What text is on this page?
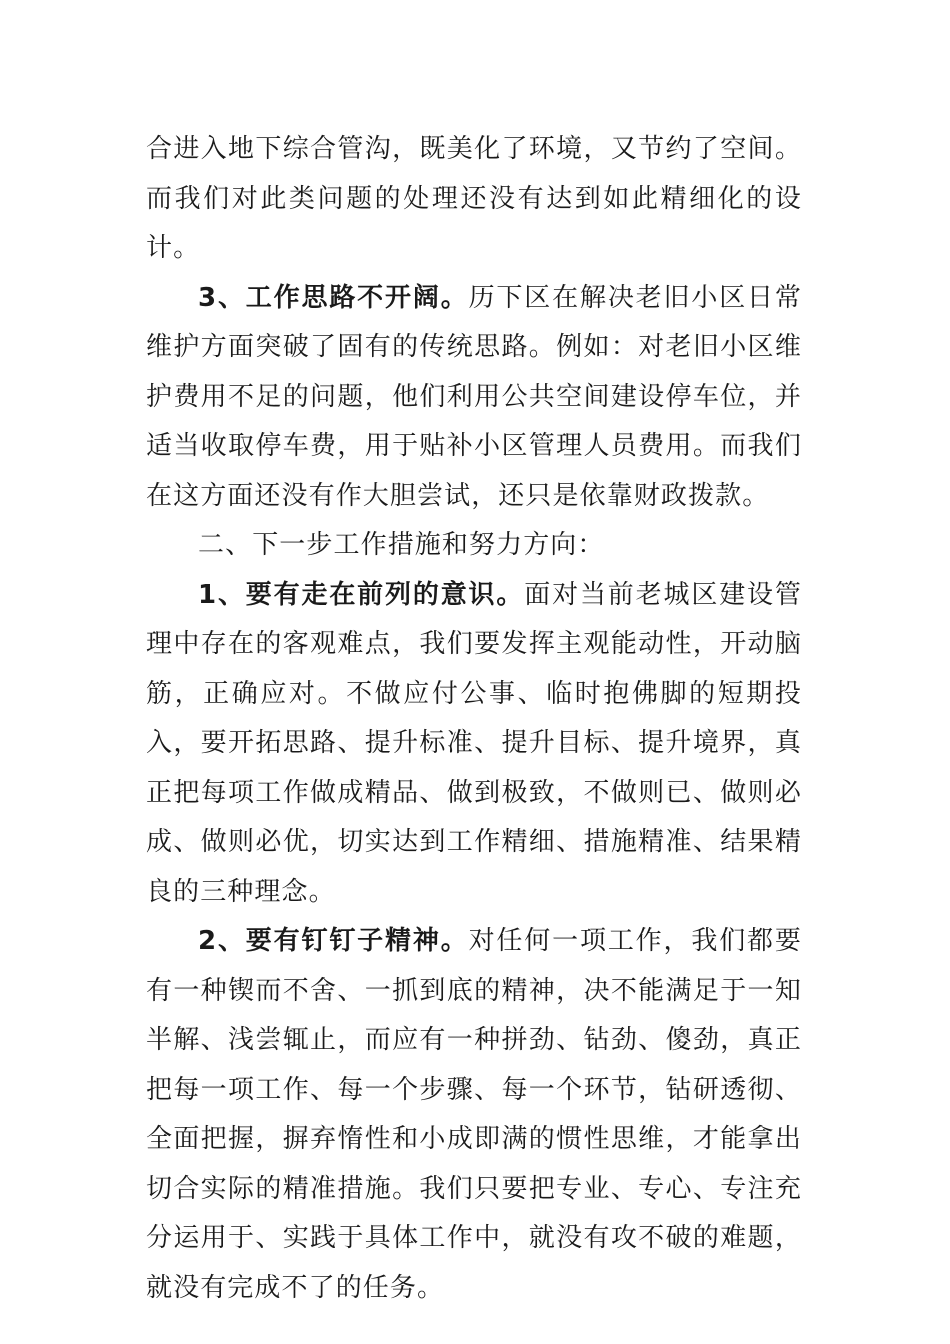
合进入地下综合管沟，既美化了环境，又节约了空间。而我们对此类问题的处理还没有达到如此精细化的设计。

3、工作思路不开阔。历下区在解决老旧小区日常维护方面突破了固有的传统思路。例如：对老旧小区维护费用不足的问题，他们利用公共空间建设停车位，并适当收取停车费，用于贴补小区管理人员费用。而我们在这方面还没有作大胆尝试，还只是依靠财政拨款。

二、下一步工作措施和努力方向：

1、要有走在前列的意识。面对当前老城区建设管理中存在的客观难点，我们要发挥主观能动性，开动脑筋，正确应对。不做应付公事、临时抱佛脚的短期投入，要开拓思路、提升标准、提升目标、提升境界，真正把每项工作做成精品、做到极致，不做则已、做则必成、做则必优，切实达到工作精细、措施精准、结果精良的三种理念。

2、要有钉钉子精神。对任何一项工作，我们都要有一种锲而不舍、一抓到底的精神，决不能满足于一知半解、浅尝辄止，而应有一种拼劲、钻劲、傻劲，真正把每一项工作、每一个步骤、每一个环节，钻研透彻、全面把握，摒弃惰性和小成即满的惯性思维，才能拿出切合实际的精准措施。我们只要把专业、专心、专注充分运用于、实践于具体工作中，就没有攻不破的难题，就没有完成不了的任务。
